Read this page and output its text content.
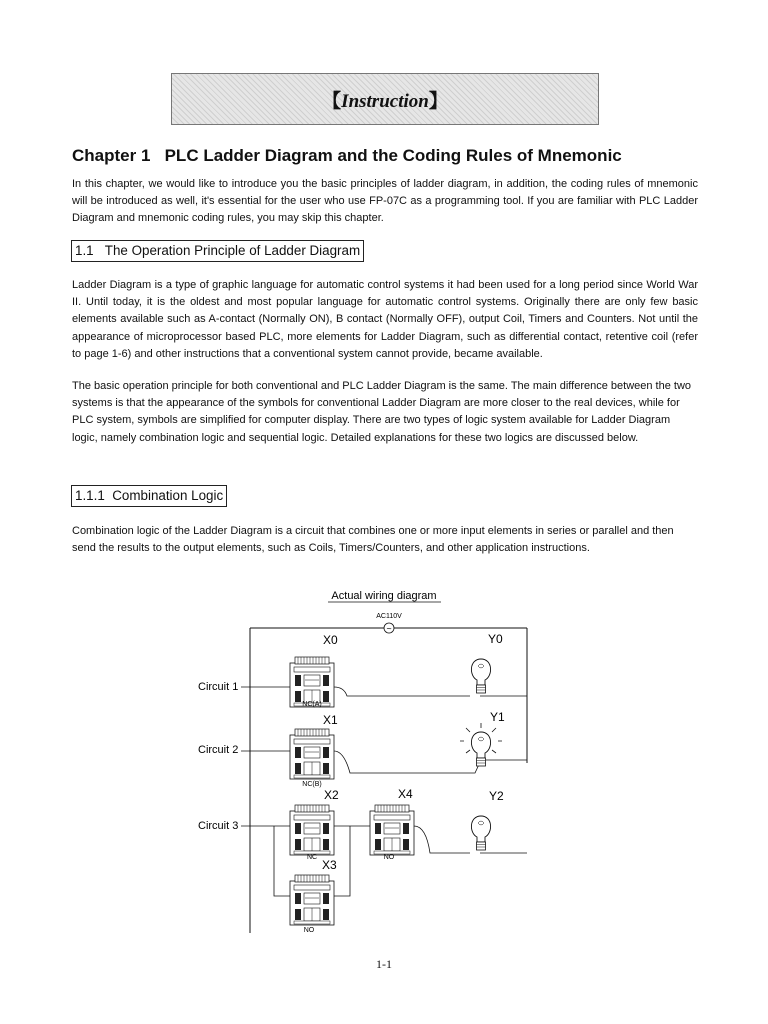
【Instruction】
Chapter 1 PLC Ladder Diagram and the Coding Rules of Mnemonic

In this chapter, we would like to introduce you the basic principles of ladder diagram, in addition, the coding rules of mnemonic will be introduced as well, it's essential for the user who use FP-07C as a programming tool. If you are familiar with PLC Ladder Diagram and mnemonic coding rules, you may skip this chapter.

1.1 The Operation Principle of Ladder Diagram

Ladder Diagram is a type of graphic language for automatic control systems it had been used for a long period since World War II. Until today, it is the oldest and most popular language for automatic control systems. Originally there are only few basic elements available such as A-contact (Normally ON), B contact (Normally OFF), output Coil, Timers and Counters. Not until the appearance of microprocessor based PLC, more elements for Ladder Diagram, such as differential contact, retentive coil (refer to page 1-6) and other instructions that a conventional system cannot provide, became available.

The basic operation principle for both conventional and PLC Ladder Diagram is the same. The main difference between the two systems is that the appearance of the symbols for conventional Ladder Diagram are more closer to the real devices, while for PLC system, symbols are simplified for computer display. There are two types of logic system available for Ladder Diagram logic, namely combination logic and sequential logic. Detailed explanations for these two logics are discussed below.

1.1.1 Combination Logic

Combination logic of the Ladder Diagram is a circuit that combines one or more input elements in series or parallel and then send the results to the output elements, such as Coils, Timers/Counters, and other application instructions.

Actual wiring diagram
AC110V
~
Circuit 1
Circuit 2
Circuit 3
X0
X1
X2	X4
X3
NC(A)
NC(B)
NC	NO
NO
Y0
Y1
Y2
1-1
